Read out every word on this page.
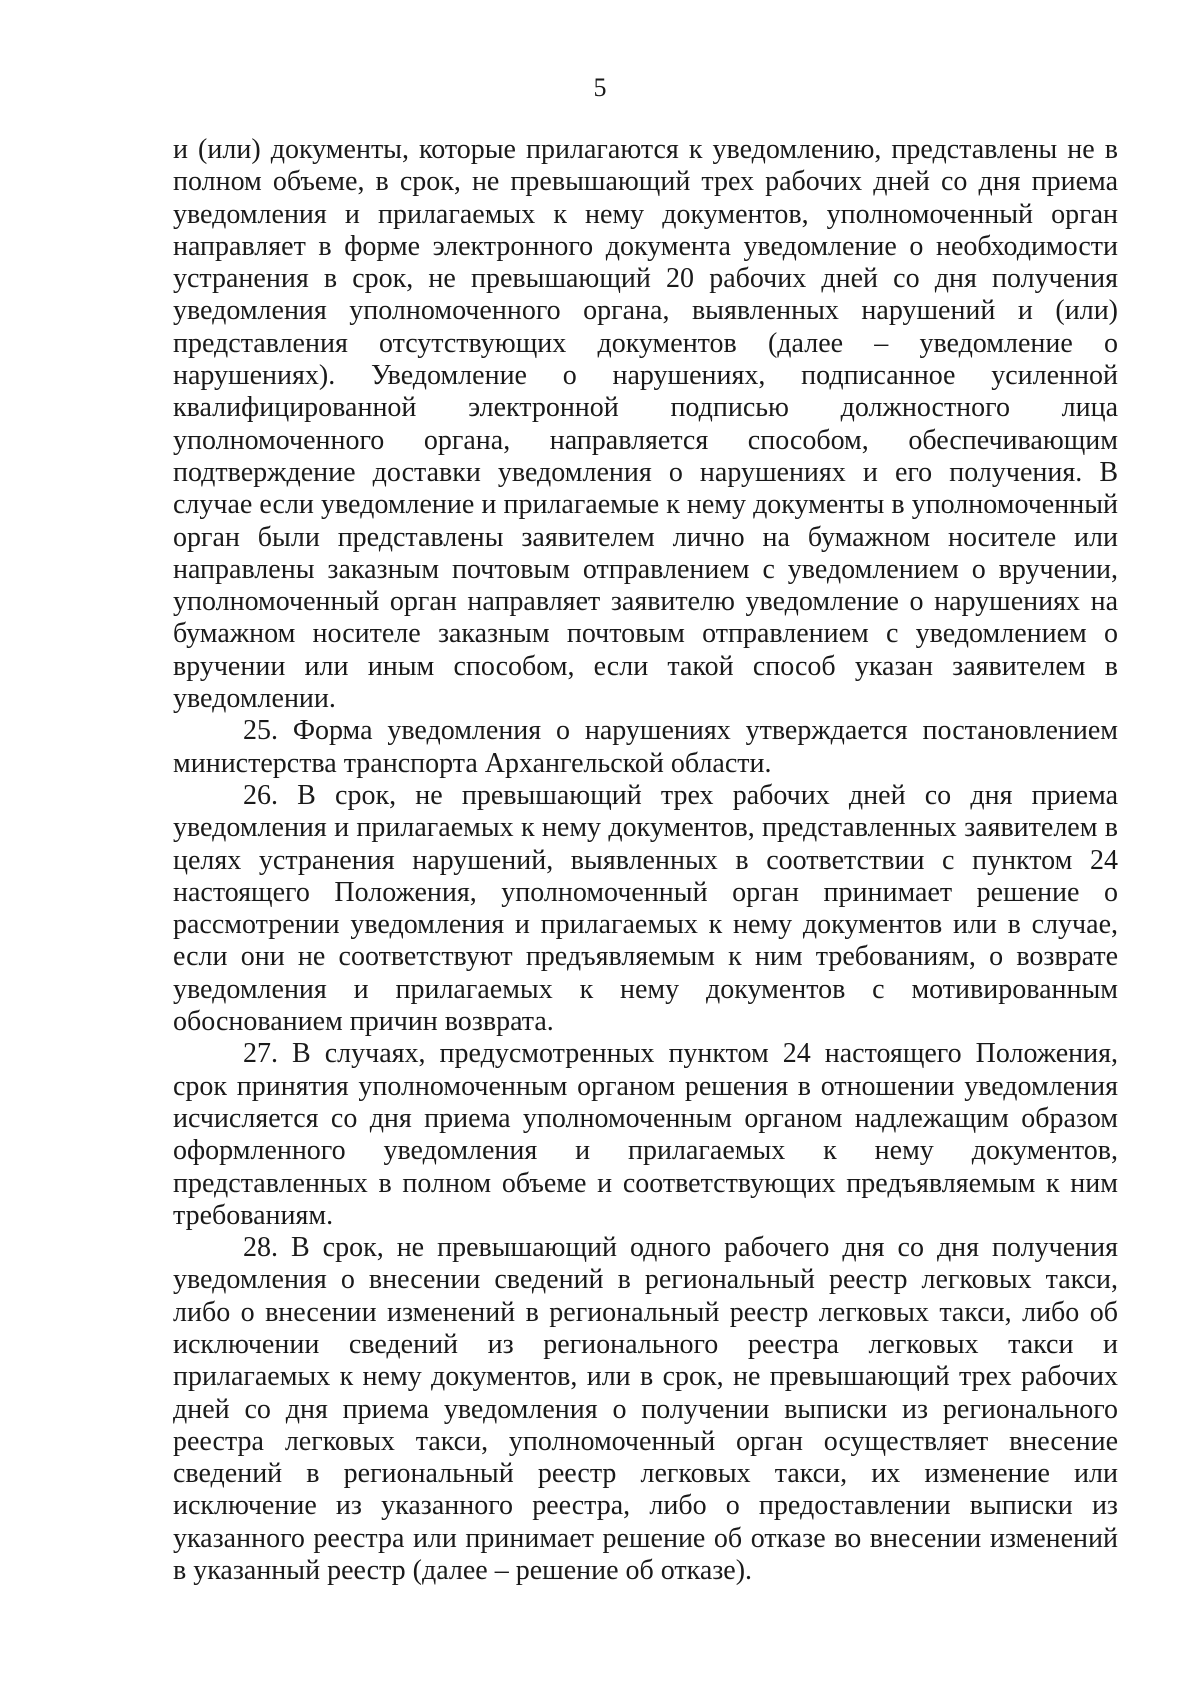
5

и (или) документы, которые прилагаются к уведомлению, представлены не в полном объеме, в срок, не превышающий трех рабочих дней со дня приема уведомления и прилагаемых к нему документов, уполномоченный орган направляет в форме электронного документа уведомление о необходимости устранения в срок, не превышающий 20 рабочих дней со дня получения уведомления уполномоченного органа, выявленных нарушений и (или) представления отсутствующих документов (далее – уведомление о нарушениях). Уведомление о нарушениях, подписанное усиленной квалифицированной электронной подписью должностного лица уполномоченного органа, направляется способом, обеспечивающим подтверждение доставки уведомления о нарушениях и его получения. В случае если уведомление и прилагаемые к нему документы в уполномоченный орган были представлены заявителем лично на бумажном носителе или направлены заказным почтовым отправлением с уведомлением о вручении, уполномоченный орган направляет заявителю уведомление о нарушениях на бумажном носителе заказным почтовым отправлением с уведомлением о вручении или иным способом, если такой способ указан заявителем в уведомлении.

25. Форма уведомления о нарушениях утверждается постановлением министерства транспорта Архангельской области.

26. В срок, не превышающий трех рабочих дней со дня приема уведомления и прилагаемых к нему документов, представленных заявителем в целях устранения нарушений, выявленных в соответствии с пунктом 24 настоящего Положения, уполномоченный орган принимает решение о рассмотрении уведомления и прилагаемых к нему документов или в случае, если они не соответствуют предъявляемым к ним требованиям, о возврате уведомления и прилагаемых к нему документов с мотивированным обоснованием причин возврата.

27. В случаях, предусмотренных пунктом 24 настоящего Положения, срок принятия уполномоченным органом решения в отношении уведомления исчисляется со дня приема уполномоченным органом надлежащим образом оформленного уведомления и прилагаемых к нему документов, представленных в полном объеме и соответствующих предъявляемым к ним требованиям.

28. В срок, не превышающий одного рабочего дня со дня получения уведомления о внесении сведений в региональный реестр легковых такси, либо о внесении изменений в региональный реестр легковых такси, либо об исключении сведений из регионального реестра легковых такси и прилагаемых к нему документов, или в срок, не превышающий трех рабочих дней со дня приема уведомления о получении выписки из регионального реестра легковых такси, уполномоченный орган осуществляет внесение сведений в региональный реестр легковых такси, их изменение или исключение из указанного реестра, либо о предоставлении выписки из указанного реестра или принимает решение об отказе во внесении изменений в указанный реестр (далее – решение об отказе).
